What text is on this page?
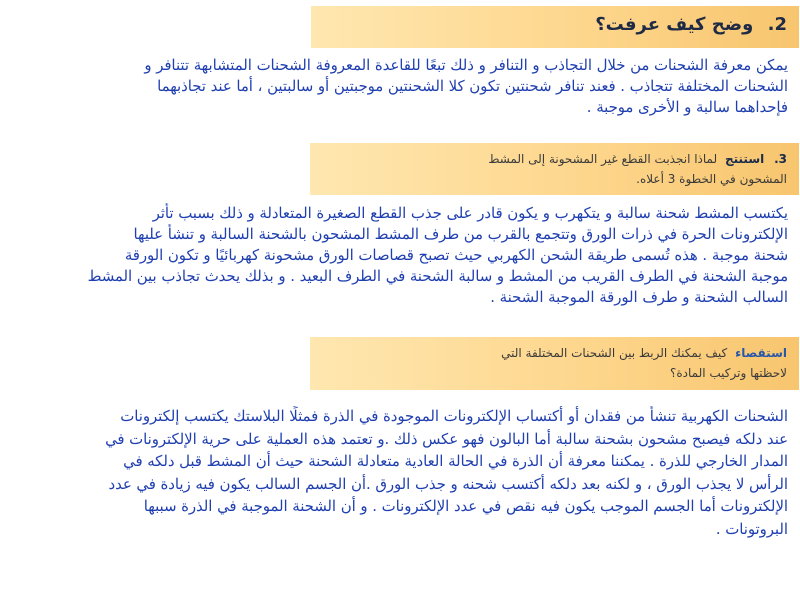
2. وضح كيف عرفت؟
يمكن معرفة الشحنات من خلال التجاذب و التنافر و ذلك تبعًا للقاعدة المعروفة الشحنات المتشابهة تتنافر و
الشحنات المختلفة تتجاذب . فعند تنافر شحنتين تكون كلا الشحنتين موجبتين أو سالبتين ، أما عند تجاذبهما
فإحداهما سالبة و الأخرى موجبة .
3. استنتج لماذا انجذبت القطع غير المشحونة إلى المشط
المشحون في الخطوة 3 أعلاه.
يكتسب المشط شحنة سالبة و يتكهرب و يكون قادر على جذب القطع الصغيرة المتعادلة و ذلك بسبب تأثر
الإلكترونات الحرة في ذرات الورق وتتجمع بالقرب من طرف المشط المشحون بالشحنة السالبة و تنشأ عليها
شحنة موجبة . هذه تُسمى طريقة الشحن الكهربي حيث تصبح قصاصات الورق مشحونة كهربائيًا و تكون الورقة
موجبة الشحنة في الطرف القريب من المشط و سالبة الشحنة في الطرف البعيد . و بذلك يحدث تجاذب بين المشط
السالب الشحنة و طرف الورقة الموجبة الشحنة .
استقصاء كيف يمكنك الربط بين الشحنات المختلفة التي
لاحظتها وتركيب المادة؟
الشحنات الكهربية تنشأ من فقدان أو أكتساب الإلكترونات الموجودة في الذرة فمثلًا البلاستك يكتسب إلكترونات
عند دلكه فيصبح مشحون بشحنة سالبة أما البالون فهو عكس ذلك .و تعتمد هذه العملية على حرية الإلكترونات في
المدار الخارجي للذرة . يمكننا معرفة أن الذرة في الحالة العادية متعادلة الشحنة حيث أن المشط قبل دلكه في
الرأس لا يجذب الورق ، و لكنه بعد دلكه أكتسب شحنه و جذب الورق .أن الجسم السالب يكون فيه زيادة في عدد
الإلكترونات أما الجسم الموجب يكون فيه نقص في عدد الإلكترونات . و أن الشحنة الموجبة في الذرة سببها
البروتونات .
